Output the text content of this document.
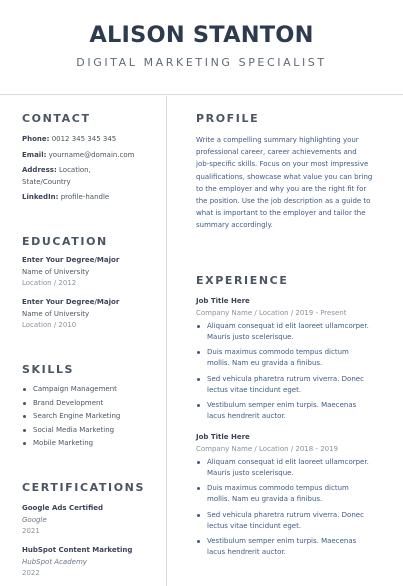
ALISON STANTON
DIGITAL MARKETING SPECIALIST
CONTACT
Phone: 0012 345 345 345
Email: yourname@domain.com
Address: Location,
State/Country
LinkedIn: profile-handle
EDUCATION
Enter Your Degree/Major
Name of University
Location / 2012
Enter Your Degree/Major
Name of University
Location / 2010
SKILLS
Campaign Management
Brand Development
Search Engine Marketing
Social Media Marketing
Mobile Marketing
CERTIFICATIONS
Google Ads Certified
Google
2021
HubSpot Content Marketing
HubSpot Academy
2022
PROFILE
Write a compelling summary highlighting your
professional career, career achievements and
job-specific skills. Focus on your most impressive
qualifications, showcase what value you can bring
to the employer and why you are the right fit for
the position. Use the job description as a guide to
what is important to the employer and tailor the
summary accordingly.
EXPERIENCE
Job Title Here
Company Name / Location / 2019 - Present
Aliquam consequat id elit laoreet ullamcorper.
Mauris justo scelerisque.
Duis maximus commodo tempus dictum
mollis. Nam eu gravida a finibus.
Sed vehicula pharetra rutrum viverra. Donec
lectus vitae tincidunt eget.
Vestibulum semper enim turpis. Maecenas
lacus hendrerit auctor.
Job Title Here
Company Name / Location / 2018 - 2019
Aliquam consequat id elit laoreet ullamcorper.
Mauris justo scelerisque.
Duis maximus commodo tempus dictum
mollis. Nam eu gravida a finibus.
Sed vehicula pharetra rutrum viverra. Donec
lectus vitae tincidunt eget.
Vestibulum semper enim turpis. Maecenas
lacus hendrerit auctor.
